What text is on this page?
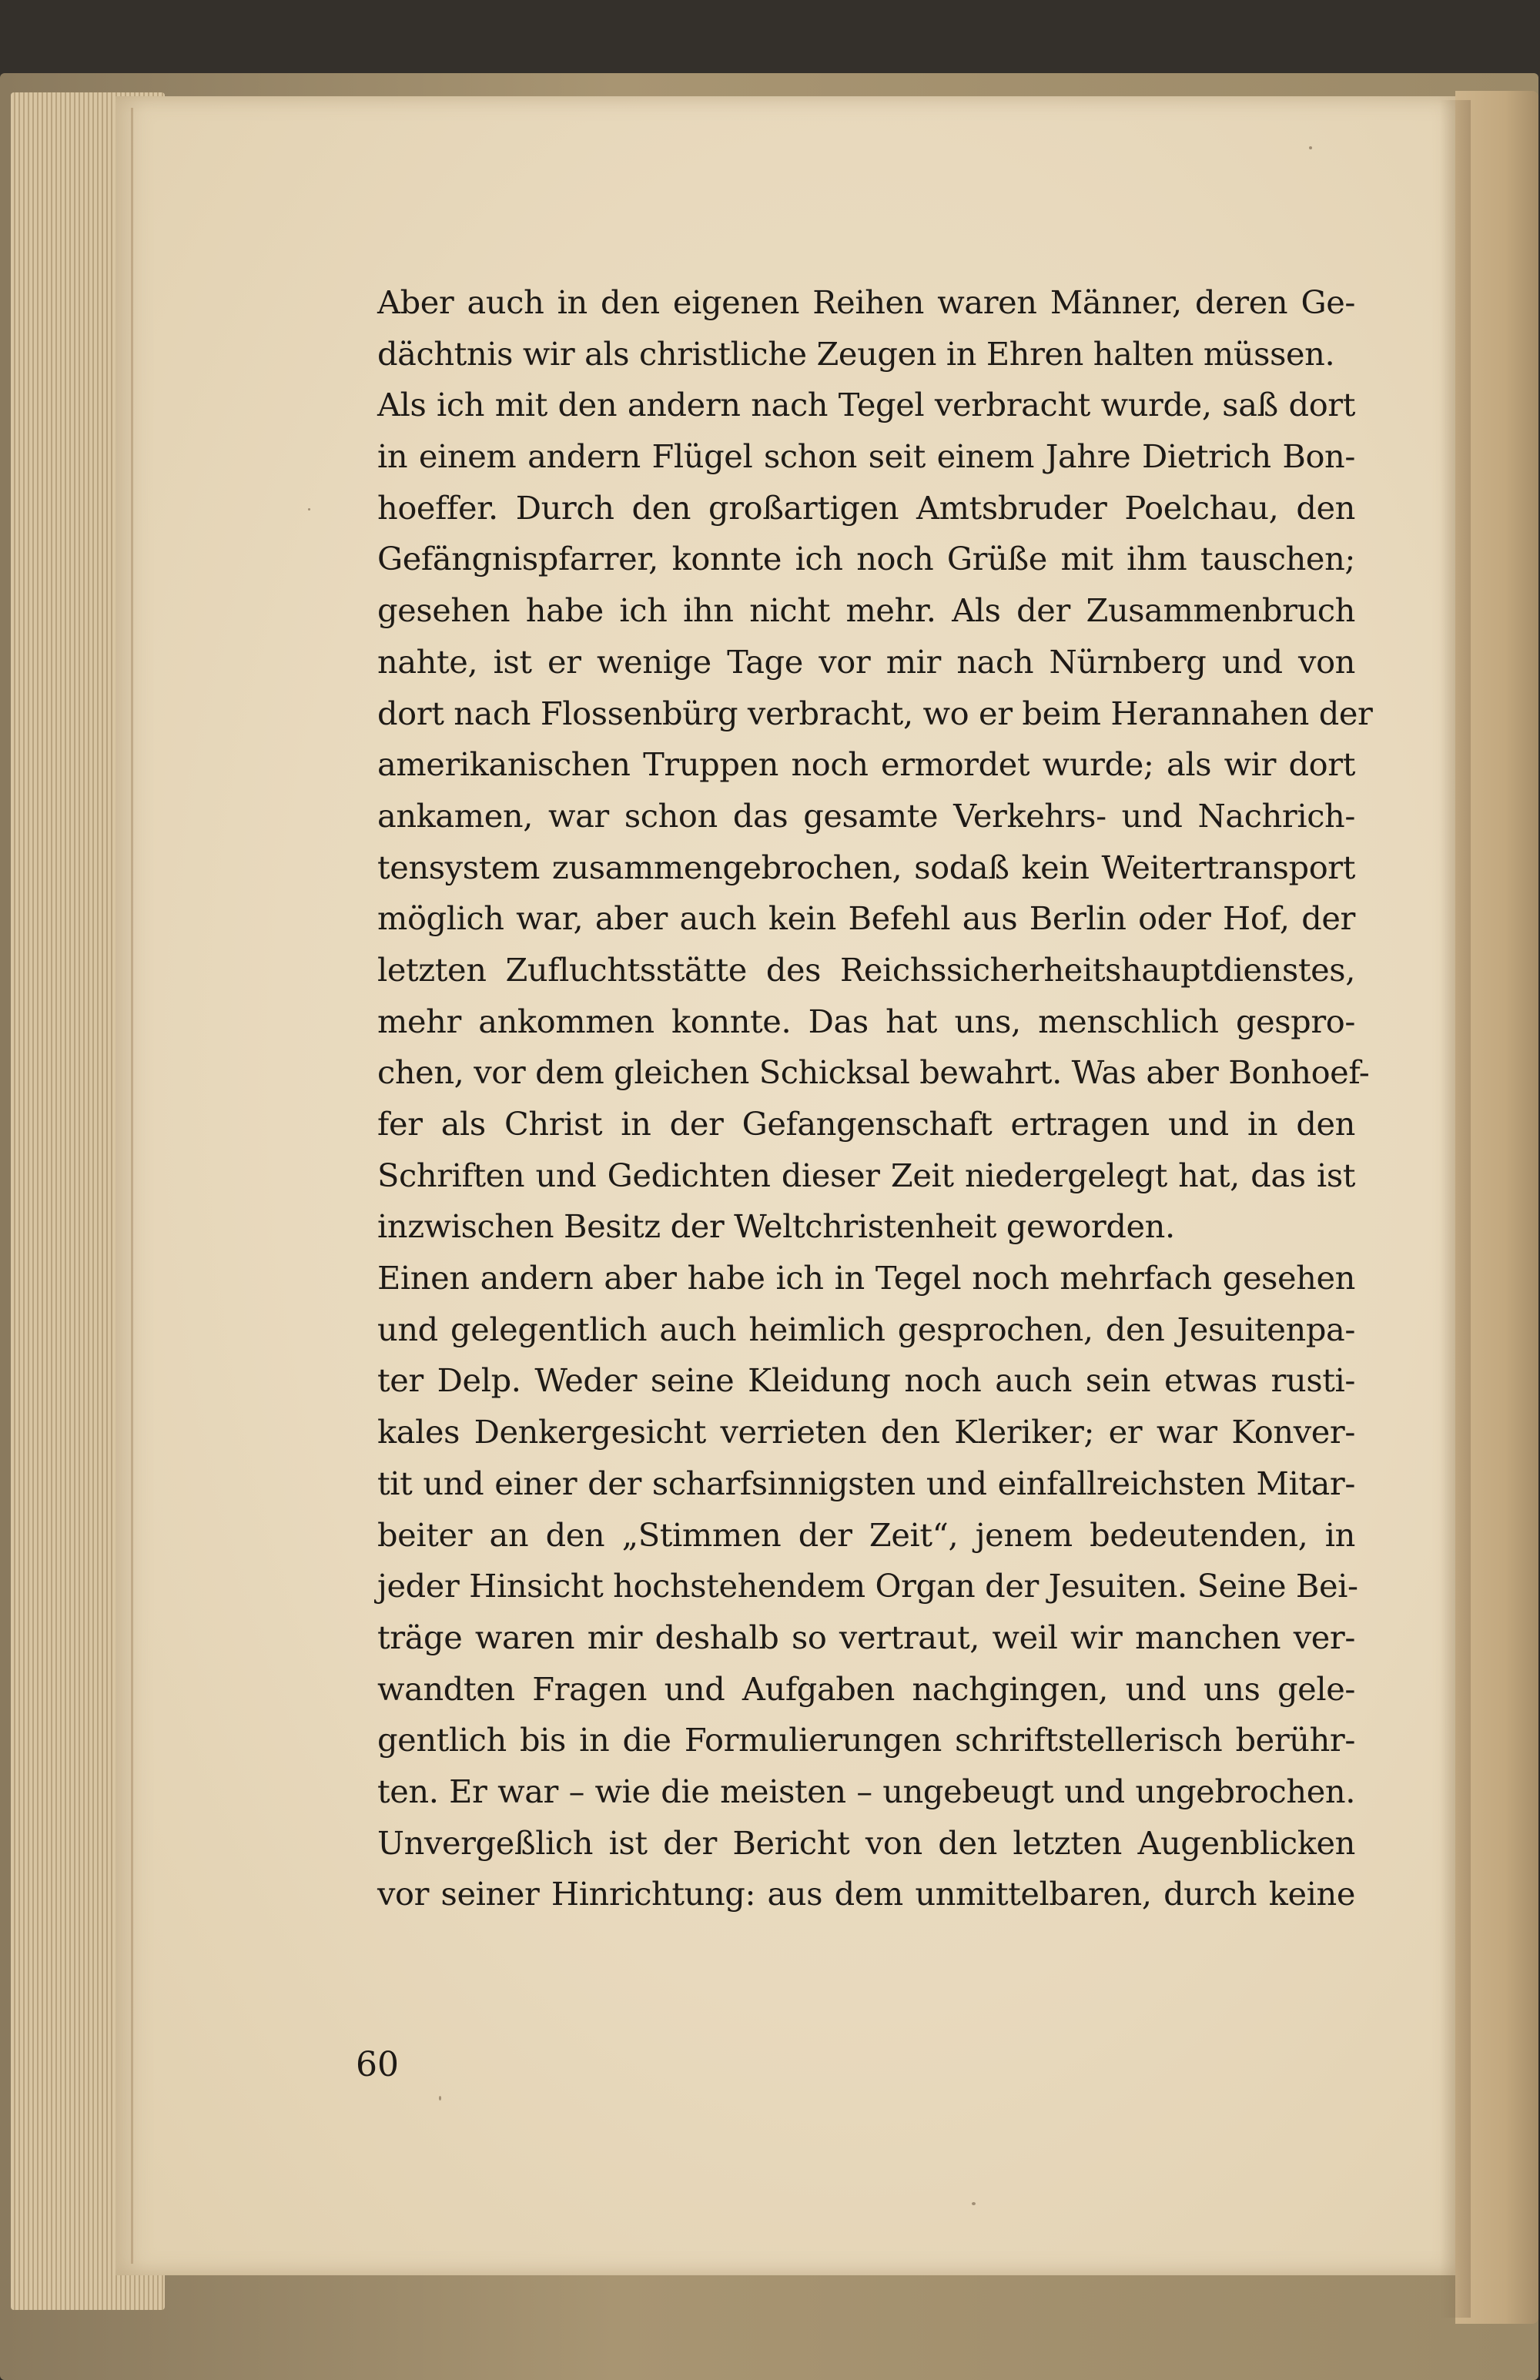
Aber auch in den eigenen Reihen waren Männer, deren Ge-
dächtnis wir als christliche Zeugen in Ehren halten müssen.
Als ich mit den andern nach Tegel verbracht wurde, saß dort
in einem andern Flügel schon seit einem Jahre Dietrich Bon-
hoeffer. Durch den großartigen Amtsbruder Poelchau, den
Gefängnispfarrer, konnte ich noch Grüße mit ihm tauschen;
gesehen habe ich ihn nicht mehr. Als der Zusammenbruch
nahte, ist er wenige Tage vor mir nach Nürnberg und von
dort nach Flossenbürg verbracht, wo er beim Herannahen der
amerikanischen Truppen noch ermordet wurde; als wir dort
ankamen, war schon das gesamte Verkehrs- und Nachrich-
tensystem zusammengebrochen, sodaß kein Weitertransport
möglich war, aber auch kein Befehl aus Berlin oder Hof, der
letzten Zufluchtsstätte des Reichssicherheitshauptdienstes,
mehr ankommen konnte. Das hat uns, menschlich gespro-
chen, vor dem gleichen Schicksal bewahrt. Was aber Bonhoef-
fer als Christ in der Gefangenschaft ertragen und in den
Schriften und Gedichten dieser Zeit niedergelegt hat, das ist
inzwischen Besitz der Weltchristenheit geworden.
Einen andern aber habe ich in Tegel noch mehrfach gesehen
und gelegentlich auch heimlich gesprochen, den Jesuitenpa-
ter Delp. Weder seine Kleidung noch auch sein etwas rusti-
kales Denkergesicht verrieten den Kleriker; er war Konver-
tit und einer der scharfsinnigsten und einfallreichsten Mitar-
beiter an den „Stimmen der Zeit“, jenem bedeutenden, in
jeder Hinsicht hochstehendem Organ der Jesuiten. Seine Bei-
träge waren mir deshalb so vertraut, weil wir manchen ver-
wandten Fragen und Aufgaben nachgingen, und uns gele-
gentlich bis in die Formulierungen schriftstellerisch berühr-
ten. Er war – wie die meisten – ungebeugt und ungebrochen.
Unvergeßlich ist der Bericht von den letzten Augenblicken
vor seiner Hinrichtung: aus dem unmittelbaren, durch keine
60
